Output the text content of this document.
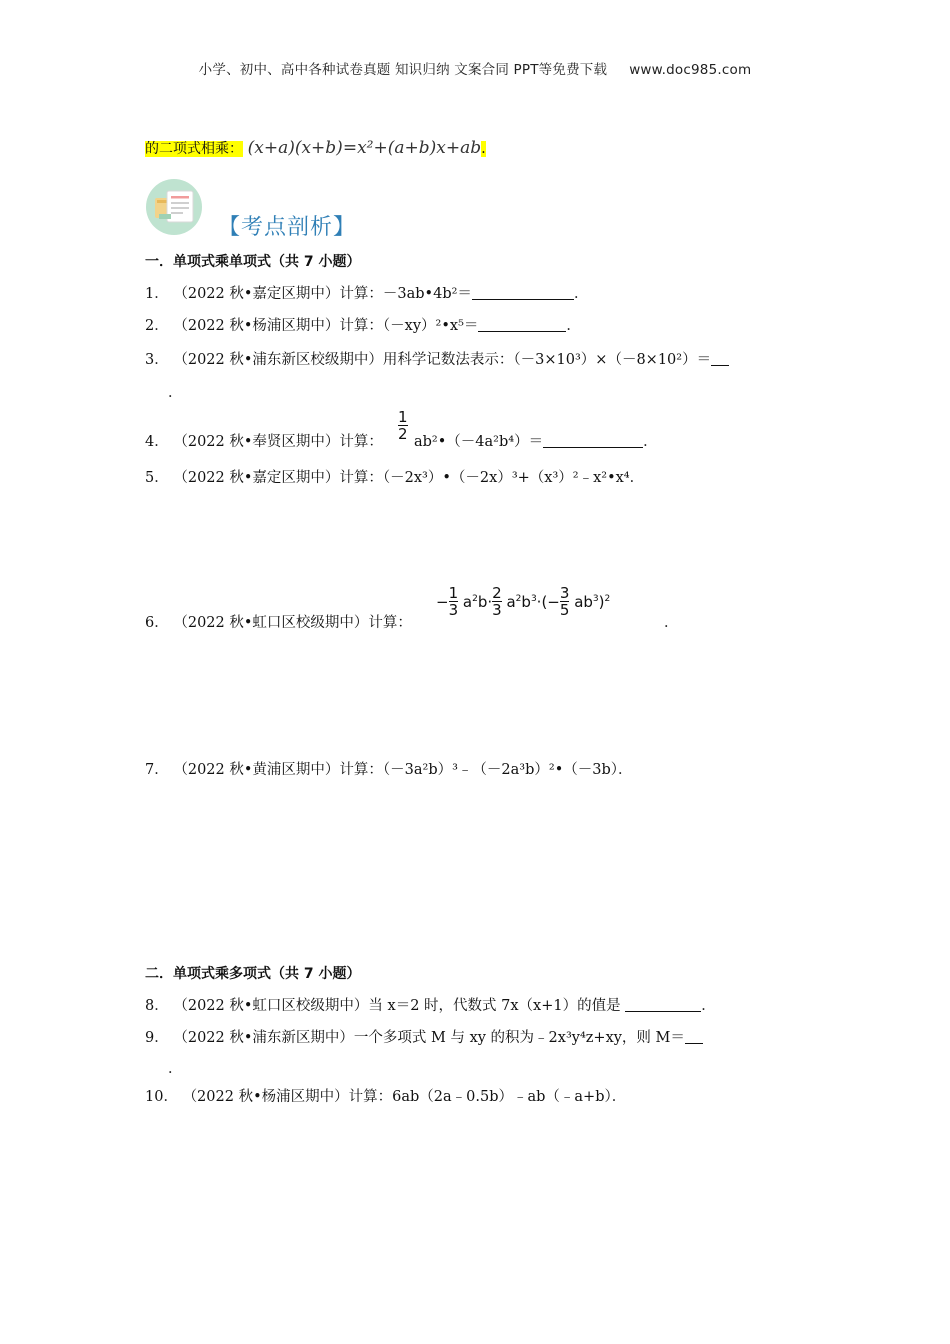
小学、初中、高中各种试卷真题 知识归纳 文案合同 PPT等免费下载 www.doc985.com
的二项式相乘： (x+a)(x+b)=x²+(a+b)x+ab.
【考点剖析】
一．单项式乘单项式（共 7 小题）
1． （2022 秋•嘉定区期中）计算：－3ab•4b²＝	．
2． （2022 秋•杨浦区期中）计算：（－xy）²•x⁵＝	．
3． （2022 秋•浦东新区校级期中）用科学记数法表示：（－3×10³）×（－8×10²）＝
．
4． （2022 秋•奉贤区期中）计算： $\frac{1}{2}$ ab²•（－4a²b⁴）＝	．
5． （2022 秋•嘉定区期中）计算：（－2x³）•（－2x）³+（x³）²﹣x²•x⁴．
6． （2022 秋•虹口区校级期中）计算：
− $\frac{1}{3} a^2b\cdot \frac{2}{3} a^2b^3\cdot(- \frac{3}{5} ab^3)^2$
．
7． （2022 秋•黄浦区期中）计算：（－3a²b）³﹣（－2a³b）²•（－3b）．
二．单项式乘多项式（共 7 小题）
8． （2022 秋•虹口区校级期中）当 x＝2 时，代数式 7x（x+1）的值是	．
9． （2022 秋•浦东新区期中）一个多项式 M 与 xy 的积为﹣2x³y⁴z+xy，则 M＝
．
10． （2022 秋•杨浦区期中）计算：6ab（2a﹣0.5b）﹣ab（﹣a+b）．
